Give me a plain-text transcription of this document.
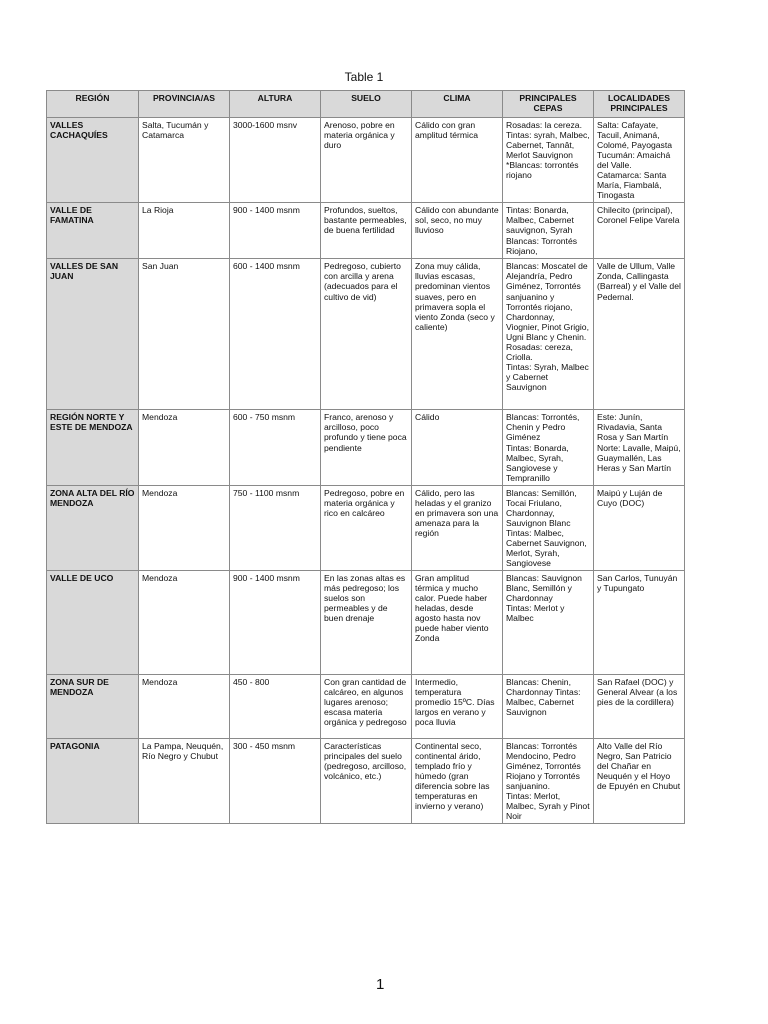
Table 1
REGIÓN	PROVINCIA/AS	ALTURA	SUELO	CLIMA	PRINCIPALES CEPAS	LOCALIDADES PRINCIPALES
VALLES CACHAQUÍES	Salta, Tucumán y Catamarca	3000-1600 msnv	Arenoso, pobre en materia orgánica y duro	Cálido con gran amplitud térmica	Rosadas: la cereza.
Tintas: syrah, Malbec, Cabernet, Tannât, Merlot Sauvignon
*Blancas: torrontés riojano	Salta: Cafayate, Tacuil, Animaná, Colomé, Payogasta
Tucumán: Amaichá del Valle.
Catamarca: Santa María, Fiambalá, Tinogasta
VALLE DE FAMATINA	La Rioja	900 - 1400 msnm	Profundos, sueltos, bastante permeables, de buena fertilidad	Cálido con abundante sol, seco, no muy lluvioso	Tintas: Bonarda, Malbec, Cabernet sauvignon, Syrah
Blancas: Torrontés Riojano,	Chilecito (principal), Coronel Felipe Varela
VALLES DE SAN JUAN	San Juan	600 - 1400 msnm	Pedregoso, cubierto con arcilla y arena (adecuados para el cultivo de vid)	Zona muy cálida, lluvias escasas, predominan vientos suaves, pero en primavera sopla el viento Zonda (seco y caliente)	Blancas: Moscatel de Alejandría, Pedro Giménez, Torrontés sanjuanino y Torrontés riojano, Chardonnay, Viognier, Pinot Grigio, Ugni Blanc y Chenin.
Rosadas: cereza, Criolla.
Tintas: Syrah, Malbec y Cabernet Sauvignon	Valle de Ullum, Valle Zonda, Callingasta (Barreal) y el Valle del Pedernal.
REGIÓN NORTE Y ESTE DE MENDOZA	Mendoza	600 - 750 msnm	Franco, arenoso y arcilloso, poco profundo y tiene poca pendiente	Cálido	Blancas: Torrontés, Chenin y Pedro Giménez
Tintas: Bonarda, Malbec, Syrah, Sangiovese y Tempranillo	Este: Junín, Rivadavia, Santa Rosa y San Martín
Norte: Lavalle, Maipú, Guaymallén, Las Heras y San Martín
ZONA ALTA DEL RÍO MENDOZA	Mendoza	750 - 1100 msnm	Pedregoso, pobre en materia orgánica y rico en calcáreo	Cálido, pero las heladas y el granizo en primavera son una amenaza para la región	Blancas: Semillón, Tocai Friulano, Chardonnay, Sauvignon Blanc
Tintas: Malbec, Cabernet Sauvignon, Merlot, Syrah, Sangiovese	Maipú y Luján de Cuyo (DOC)
VALLE DE UCO	Mendoza	900 - 1400 msnm	En las zonas altas es más pedregoso; los suelos son permeables y de buen drenaje	Gran amplitud térmica y mucho calor. Puede haber heladas, desde agosto hasta nov puede haber viento Zonda	Blancas: Sauvignon Blanc, Semillón y Chardonnay
Tintas: Merlot y Malbec	San Carlos, Tunuyán y Tupungato
ZONA SUR DE MENDOZA	Mendoza	450 - 800	Con gran cantidad de calcáreo, en algunos lugares arenoso; escasa materia orgánica y pedregoso	Intermedio, temperatura promedio 15ºC. Días largos en verano y poca lluvia	Blancas: Chenin, Chardonnay Tintas: Malbec, Cabernet Sauvignon	San Rafael (DOC) y General Alvear (a los pies de la cordillera)
PATAGONIA	La Pampa, Neuquén, Río Negro y Chubut	300 - 450 msnm	Características principales del suelo (pedregoso, arcilloso, volcánico, etc.)	Continental seco, continental árido, templado frío y húmedo (gran diferencia sobre las temperaturas en invierno y verano)	Blancas: Torrontés Mendocino, Pedro Giménez, Torrontés Riojano y Torrontés sanjuanino.
Tintas: Merlot, Malbec, Syrah y Pinot Noir	Alto Valle del Río Negro, San Patricio del Chañar en Neuquén y el Hoyo de Epuyén en Chubut
1
